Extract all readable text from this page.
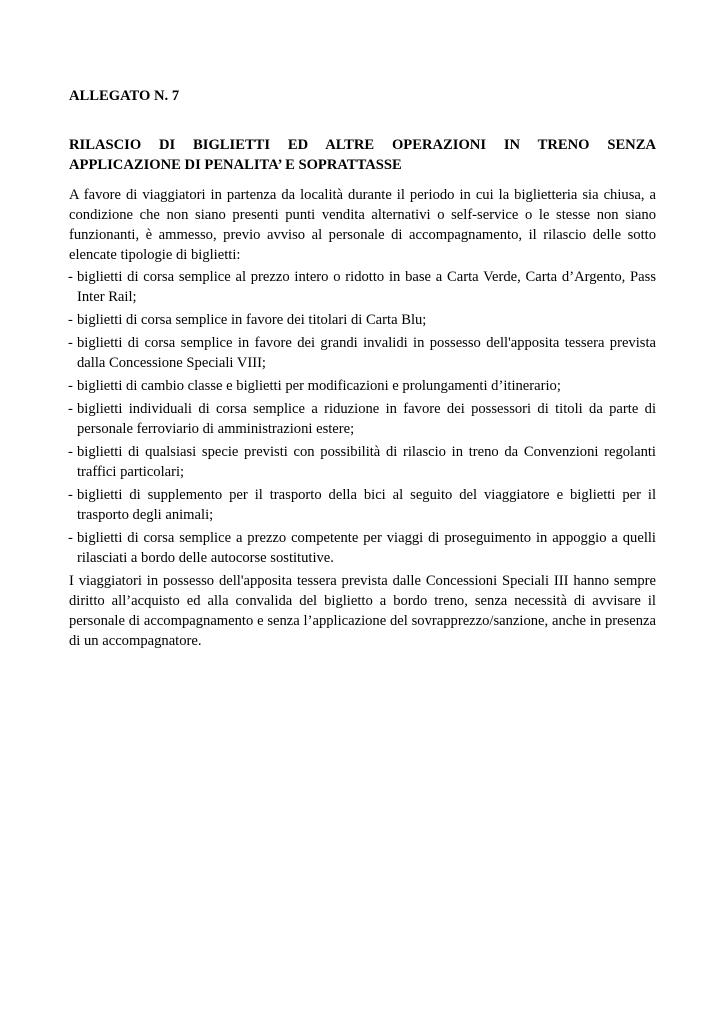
ALLEGATO N. 7

RILASCIO DI BIGLIETTI ED ALTRE OPERAZIONI IN TRENO SENZA
APPLICAZIONE DI PENALITA’ E SOPRATTASSE

A favore di viaggiatori in partenza da località durante il periodo in cui la biglietteria sia chiusa, a condizione che non siano presenti punti vendita alternativi o self-service o le stesse non siano funzionanti, è ammesso, previo avviso al personale di accompagnamento, il rilascio delle sotto elencate tipologie di biglietti:

- biglietti di corsa semplice al prezzo intero o ridotto in base a Carta Verde, Carta d’Argento, Pass Inter Rail;
- biglietti di corsa semplice in favore dei titolari di Carta Blu;
- biglietti di corsa semplice in favore dei grandi invalidi in possesso dell'apposita tessera prevista dalla Concessione Speciali VIII;
- biglietti di cambio classe e biglietti per modificazioni e prolungamenti d’itinerario;
- biglietti individuali di corsa semplice a riduzione in favore dei possessori di titoli da parte di personale ferroviario di amministrazioni estere;
- biglietti di qualsiasi specie previsti con possibilità di rilascio in treno da Convenzioni regolanti traffici particolari;
- biglietti di supplemento per il trasporto della bici al seguito del viaggiatore e biglietti per il trasporto degli animali;
- biglietti di corsa semplice a prezzo competente per viaggi di proseguimento in appoggio a quelli rilasciati a bordo delle autocorse sostitutive.

I viaggiatori in possesso dell'apposita tessera prevista dalle Concessioni Speciali III hanno sempre diritto all’acquisto ed alla convalida del biglietto a bordo treno, senza necessità di avvisare il personale di accompagnamento e senza l’applicazione del sovrapprezzo/sanzione, anche in presenza di un accompagnatore.
